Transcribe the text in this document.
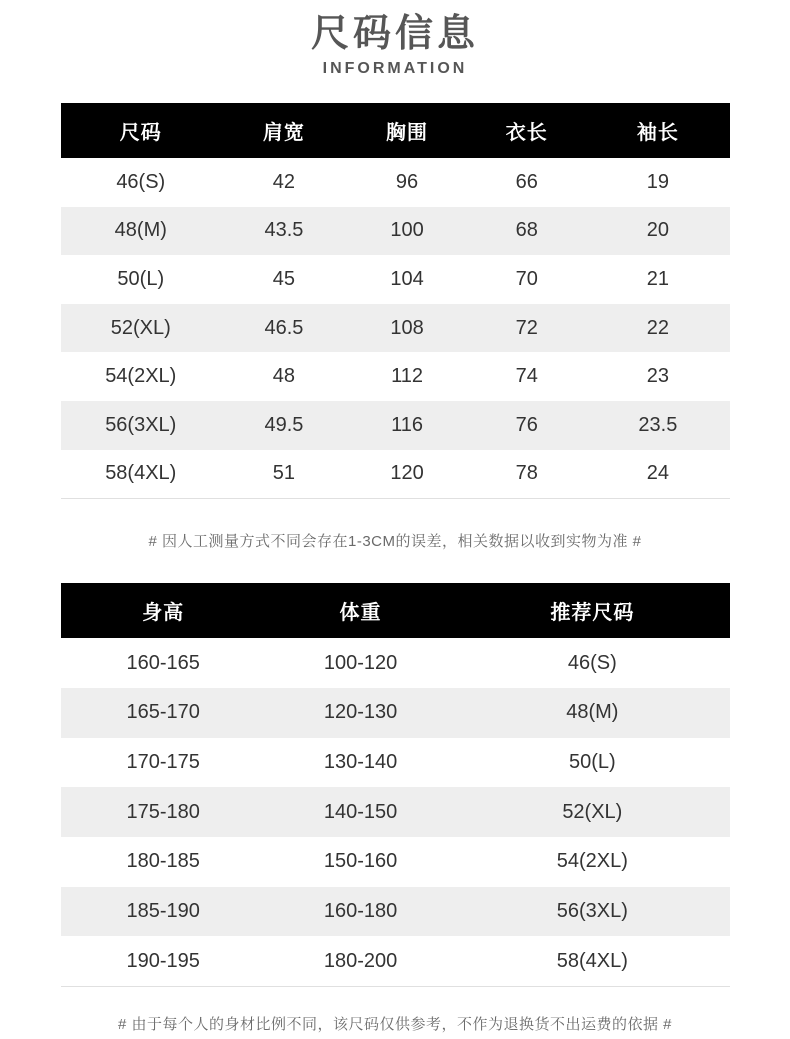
尺码信息
INFORMATION
尺码	肩宽	胸围	衣长	袖长
46(S)	42	96	66	19
48(M)	43.5	100	68	20
50(L)	45	104	70	21
52(XL)	46.5	108	72	22
54(2XL)	48	112	74	23
56(3XL)	49.5	116	76	23.5
58(4XL)	51	120	78	24
# 因人工测量方式不同会存在1-3CM的误差，相关数据以收到实物为准 #
身高	体重	推荐尺码
160-165	100-120	46(S)
165-170	120-130	48(M)
170-175	130-140	50(L)
175-180	140-150	52(XL)
180-185	150-160	54(2XL)
185-190	160-180	56(3XL)
190-195	180-200	58(4XL)
# 由于每个人的身材比例不同，该尺码仅供参考，不作为退换货不出运费的依据 #
